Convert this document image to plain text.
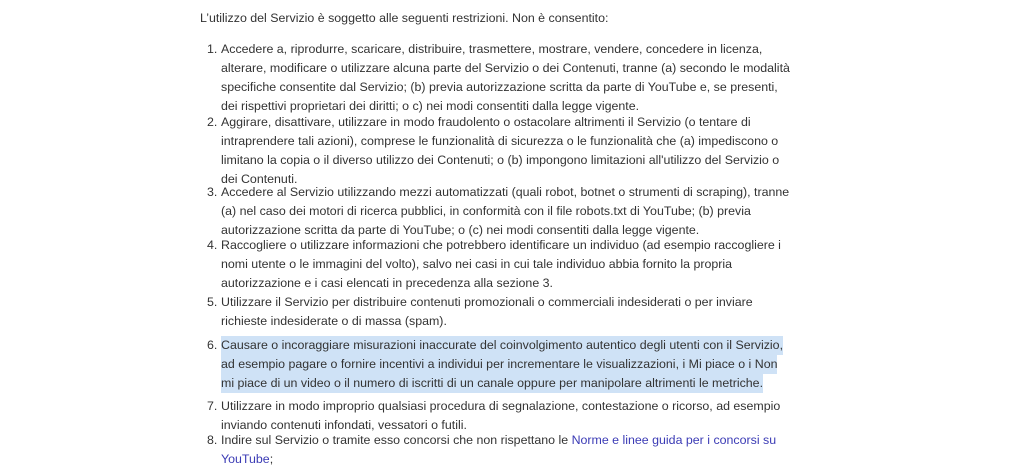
L’utilizzo del Servizio è soggetto alle seguenti restrizioni. Non è consentito:
1. Accedere a, riprodurre, scaricare, distribuire, trasmettere, mostrare, vendere, concedere in licenza,
alterare, modificare o utilizzare alcuna parte del Servizio o dei Contenuti, tranne (a) secondo le modalità
specifiche consentite dal Servizio; (b) previa autorizzazione scritta da parte di YouTube e, se presenti,
dei rispettivi proprietari dei diritti; o c) nei modi consentiti dalla legge vigente.
2. Aggirare, disattivare, utilizzare in modo fraudolento o ostacolare altrimenti il Servizio (o tentare di
intraprendere tali azioni), comprese le funzionalità di sicurezza o le funzionalità che (a) impediscono o
limitano la copia o il diverso utilizzo dei Contenuti; o (b) impongono limitazioni all'utilizzo del Servizio o
dei Contenuti.
3. Accedere al Servizio utilizzando mezzi automatizzati (quali robot, botnet o strumenti di scraping), tranne
(a) nel caso dei motori di ricerca pubblici, in conformità con il file robots.txt di YouTube; (b) previa
autorizzazione scritta da parte di YouTube; o (c) nei modi consentiti dalla legge vigente.
4. Raccogliere o utilizzare informazioni che potrebbero identificare un individuo (ad esempio raccogliere i
nomi utente o le immagini del volto), salvo nei casi in cui tale individuo abbia fornito la propria
autorizzazione e i casi elencati in precedenza alla sezione 3.
5. Utilizzare il Servizio per distribuire contenuti promozionali o commerciali indesiderati o per inviare
richieste indesiderate o di massa (spam).
6. Causare o incoraggiare misurazioni inaccurate del coinvolgimento autentico degli utenti con il Servizio,
ad esempio pagare o fornire incentivi a individui per incrementare le visualizzazioni, i Mi piace o i Non
mi piace di un video o il numero di iscritti di un canale oppure per manipolare altrimenti le metriche.
7. Utilizzare in modo improprio qualsiasi procedura di segnalazione, contestazione o ricorso, ad esempio
inviando contenuti infondati, vessatori o futili.
8. Indire sul Servizio o tramite esso concorsi che non rispettano le Norme e linee guida per i concorsi su
YouTube;
